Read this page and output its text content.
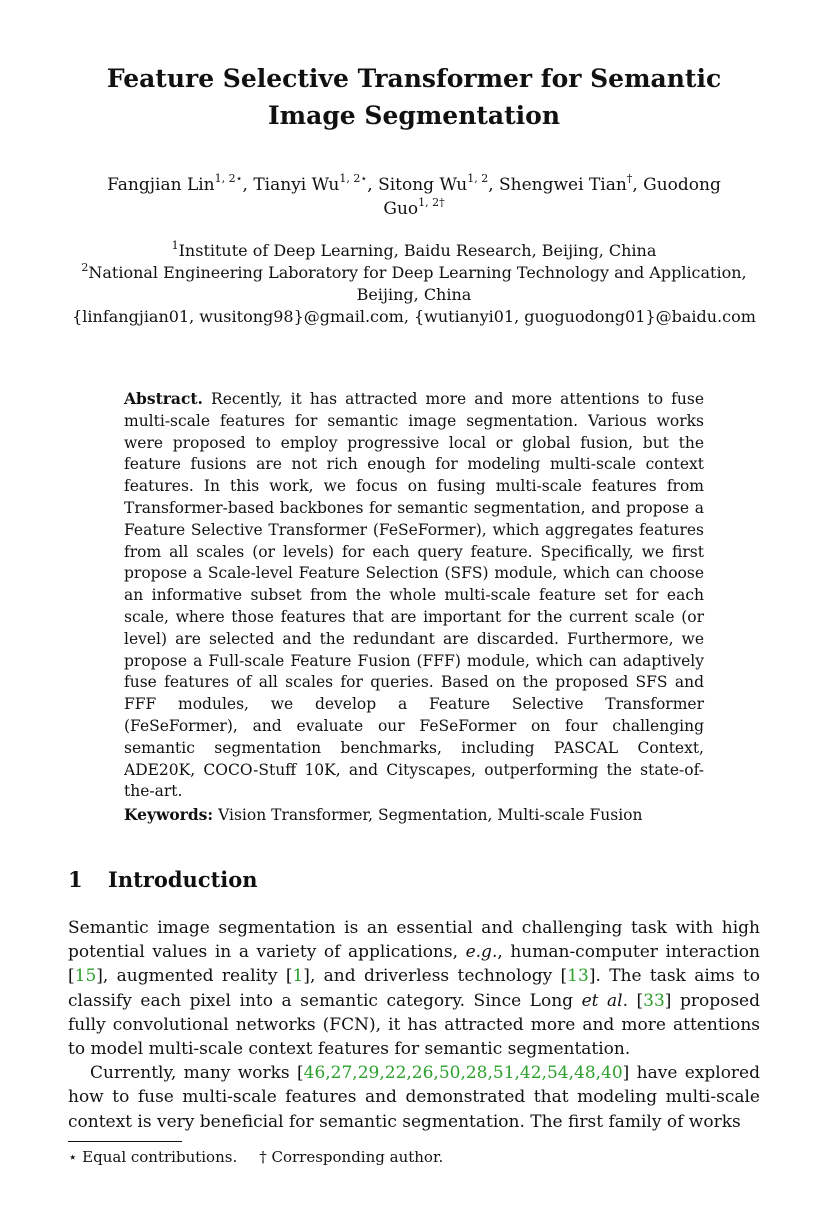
Feature Selective Transformer for Semantic Image Segmentation
Fangjian Lin$^{1, 2⋆}$, Tianyi $Wu^{1, 2⋆}$, Sitong Wu$^{1, 2}$, Shengwei Tian†, Guodong
Guo$^{1, 2\dagger}$
$^1$Institute of Deep Learning, Baidu Research, Beijing, China
$^2$National Engineering Laboratory for Deep Learning Technology and Application,
Beijing, China
{linfangjian01, wusitong98}@gmail.com, {wutianyi01, guoguodong01}@baidu.com
Abstract. Recently, it has attracted more and more attentions to fuse multi-scale features for semantic image segmentation. Various works were proposed to employ progressive local or global fusion, but the feature fusions are not rich enough for modeling multi-scale context features. In this work, we focus on fusing multi-scale features from Transformer-based backbones for semantic segmentation, and propose a Feature Selective Transformer (FeSeFormer), which aggregates features from all scales (or levels) for each query feature. Specifically, we first propose a Scale-level Feature Selection (SFS) module, which can choose an informative subset from the whole multi-scale feature set for each scale, where those features that are important for the current scale (or level) are selected and the redundant are discarded. Furthermore, we propose a Full-scale Feature Fusion (FFF) module, which can adaptively fuse features of all scales for queries. Based on the proposed SFS and FFF modules, we develop a Feature Selective Transformer (FeSeFormer), and evaluate our FeSeFormer on four challenging semantic segmentation benchmarks, including PASCAL Context, ADE20K, COCO-Stuff 10K, and Cityscapes, outperforming the state-of-the-art.
Keywords: Vision Transformer, Segmentation, Multi-scale Fusion
1 Introduction

Semantic image segmentation is an essential and challenging task with high potential values in a variety of applications, e.g., human-computer interaction [15], augmented reality [1], and driverless technology [13]. The task aims to classify each pixel into a semantic category. Since Long et al. [33] proposed fully convolutional networks (FCN), it has attracted more and more attentions to model multi-scale context features for semantic segmentation.

Currently, many works [46,27,29,22,26,50,28,51,42,54,48,40] have explored how to fuse multi-scale features and demonstrated that modeling multi-scale context is very beneficial for semantic segmentation. The first family of works

⋆ Equal contributions. † Corresponding author.
